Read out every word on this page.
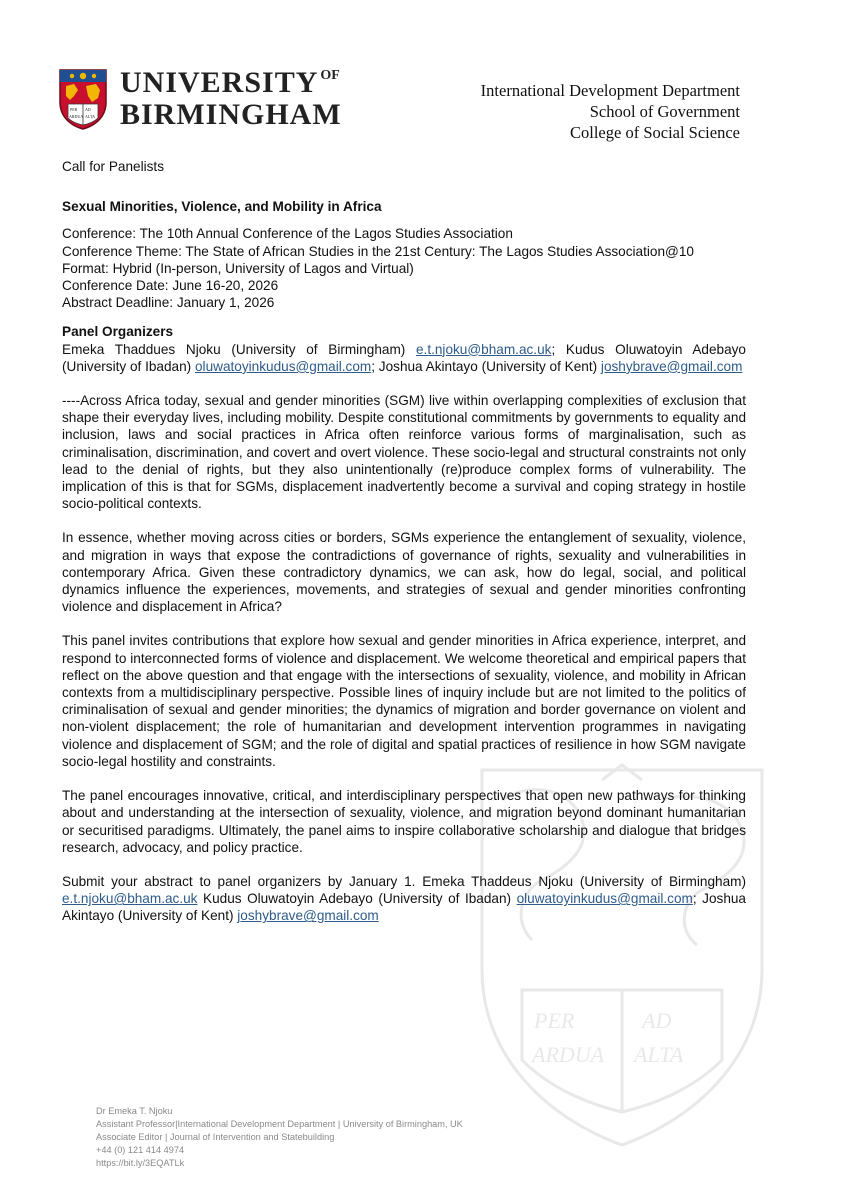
PER AD
ARDUA ALTA
UNIVERSITY $^{OF}$
BIRMINGHAM
International Development Department
School of Government
College of Social Science
PER	AD
ARDUA ALTA

Call for Panelists

Sexual Minorities, Violence, and Mobility in Africa

Conference: The 10th Annual Conference of the Lagos Studies Association
Conference Theme: The State of African Studies in the 21st Century: The Lagos Studies Association@10
Format: Hybrid (In-person, University of Lagos and Virtual)
Conference Date: June 16-20, 2026
Abstract Deadline: January 1, 2026
Panel Organizers

Emeka Thaddues Njoku (University of Birmingham) e.t.njoku@bham.ac.uk; Kudus Oluwatoyin Adebayo (University of Ibadan) oluwatoyinkudus@gmail.com; Joshua Akintayo (University of Kent) joshybrave@gmail.com

----Across Africa today, sexual and gender minorities (SGM) live within overlapping complexities of exclusion that shape their everyday lives, including mobility. Despite constitutional commitments by governments to equality and inclusion, laws and social practices in Africa often reinforce various forms of marginalisation, such as criminalisation, discrimination, and covert and overt violence. These socio-legal and structural constraints not only lead to the denial of rights, but they also unintentionally (re)produce complex forms of vulnerability. The implication of this is that for SGMs, displacement inadvertently become a survival and coping strategy in hostile socio-political contexts.

In essence, whether moving across cities or borders, SGMs experience the entanglement of sexuality, violence, and migration in ways that expose the contradictions of governance of rights, sexuality and vulnerabilities in contemporary Africa. Given these contradictory dynamics, we can ask, how do legal, social, and political dynamics influence the experiences, movements, and strategies of sexual and gender minorities confronting violence and displacement in Africa?

This panel invites contributions that explore how sexual and gender minorities in Africa experience, interpret, and respond to interconnected forms of violence and displacement. We welcome theoretical and empirical papers that reflect on the above question and that engage with the intersections of sexuality, violence, and mobility in African contexts from a multidisciplinary perspective. Possible lines of inquiry include but are not limited to the politics of criminalisation of sexual and gender minorities; the dynamics of migration and border governance on violent and non-violent displacement; the role of humanitarian and development intervention programmes in navigating violence and displacement of SGM; and the role of digital and spatial practices of resilience in how SGM navigate socio-legal hostility and constraints.

The panel encourages innovative, critical, and interdisciplinary perspectives that open new pathways for thinking about and understanding at the intersection of sexuality, violence, and migration beyond dominant humanitarian or securitised paradigms. Ultimately, the panel aims to inspire collaborative scholarship and dialogue that bridges research, advocacy, and policy practice.

Submit your abstract to panel organizers by January 1. Emeka Thaddeus Njoku (University of Birmingham) e.t.njoku@bham.ac.uk Kudus Oluwatoyin Adebayo (University of Ibadan) oluwatoyinkudus@gmail.com; Joshua Akintayo (University of Kent) joshybrave@gmail.com

Dr Emeka T. Njoku
Assistant Professor|International Development Department | University of Birmingham, UK
Associate Editor | Journal of Intervention and Statebuilding
+44 (0) 121 414 4974
https://bit.ly/3EQATLk
